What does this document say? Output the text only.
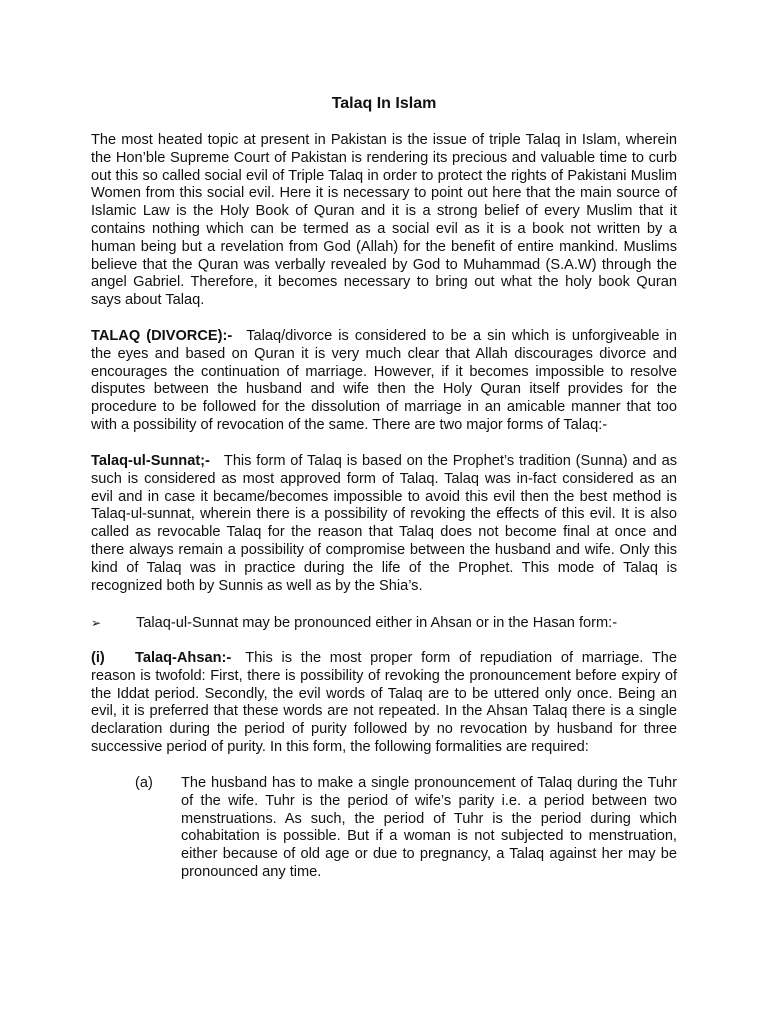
Talaq In Islam

The most heated topic at present in Pakistan is the issue of triple Talaq in Islam, wherein the Hon’ble Supreme Court of Pakistan is rendering its precious and valuable time to curb out this so called social evil of Triple Talaq in order to protect the rights of Pakistani Muslim Women from this social evil. Here it is necessary to point out here that the main source of Islamic Law is the Holy Book of Quran and it is a strong belief of every Muslim that it contains nothing which can be termed as a social evil as it is a book not written by a human being but a revelation from God (Allah) for the benefit of entire mankind. Muslims believe that the Quran was verbally revealed by God to Muhammad (S.A.W) through the angel Gabriel. Therefore, it becomes necessary to bring out what the holy book Quran says about Talaq.

TALAQ (DIVORCE):- Talaq/divorce is considered to be a sin which is unforgiveable in the eyes and based on Quran it is very much clear that Allah discourages divorce and encourages the continuation of marriage. However, if it becomes impossible to resolve disputes between the husband and wife then the Holy Quran itself provides for the procedure to be followed for the dissolution of marriage in an amicable manner that too with a possibility of revocation of the same. There are two major forms of Talaq:-

Talaq-ul-Sunnat;- This form of Talaq is based on the Prophet’s tradition (Sunna) and as such is considered as most approved form of Talaq. Talaq was in-fact considered as an evil and in case it became/becomes impossible to avoid this evil then the best method is Talaq-ul-sunnat, wherein there is a possibility of revoking the effects of this evil. It is also called as revocable Talaq for the reason that Talaq does not become final at once and there always remain a possibility of compromise between the husband and wife. Only this kind of Talaq was in practice during the life of the Prophet. This mode of Talaq is recognized both by Sunnis as well as by the Shia’s.

➢ Talaq-ul-Sunnat may be pronounced either in Ahsan or in the Hasan form:-

(i) Talaq-Ahsan:- This is the most proper form of repudiation of marriage. The reason is twofold: First, there is possibility of revoking the pronouncement before expiry of the Iddat period. Secondly, the evil words of Talaq are to be uttered only once. Being an evil, it is preferred that these words are not repeated. In the Ahsan Talaq there is a single declaration during the period of purity followed by no revocation by husband for three successive period of purity. In this form, the following formalities are required:

(a) The husband has to make a single pronouncement of Talaq during the Tuhr of the wife. Tuhr is the period of wife’s parity i.e. a period between two menstruations. As such, the period of Tuhr is the period during which cohabitation is possible. But if a woman is not subjected to menstruation, either because of old age or due to pregnancy, a Talaq against her may be pronounced any time.
